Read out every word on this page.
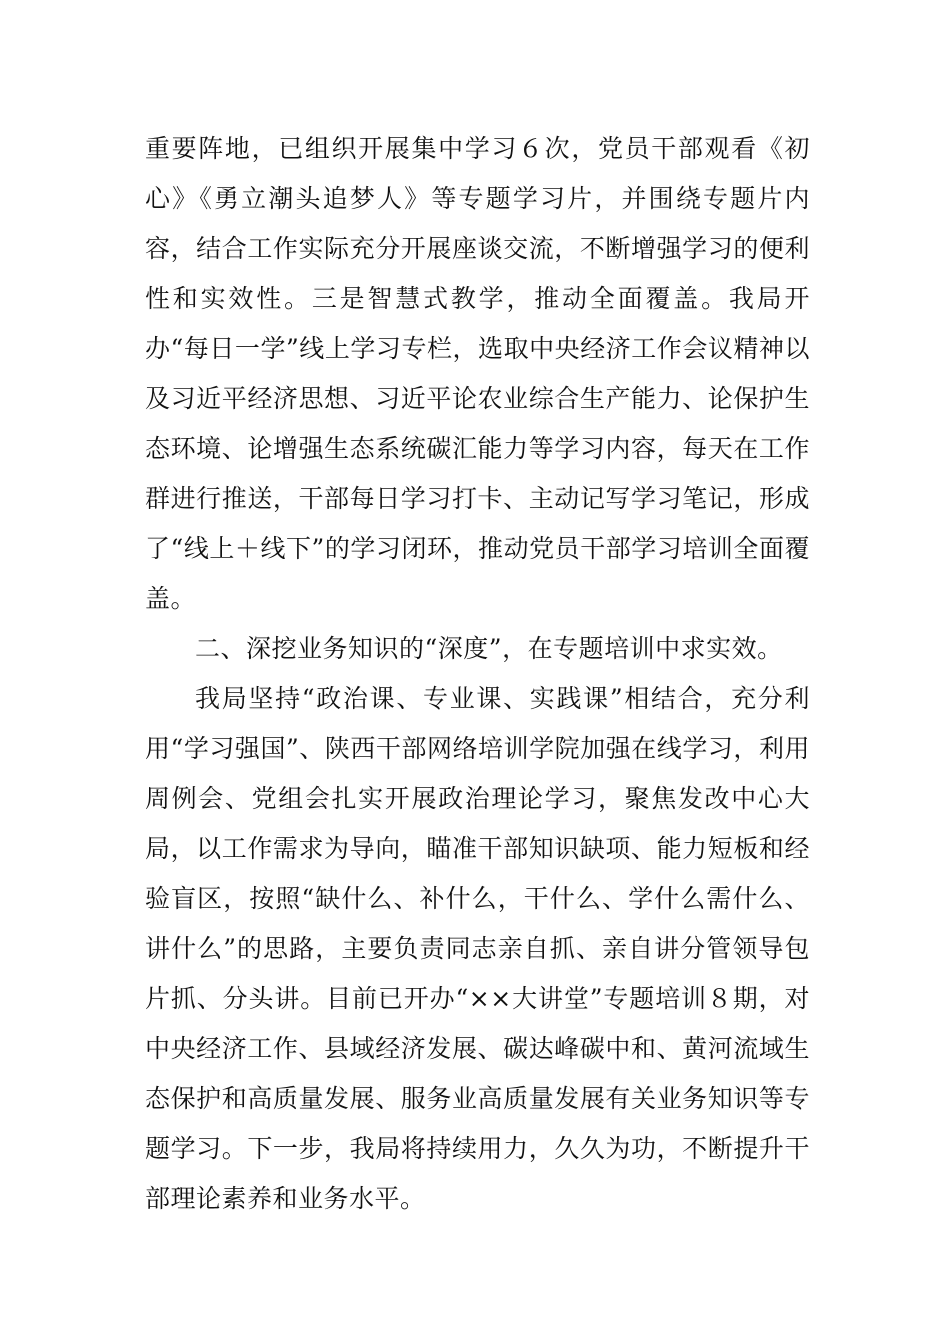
重要阵地，已组织开展集中学习６次，党员干部观看《初心》《勇立潮头追梦人》等专题学习片，并围绕专题片内容，结合工作实际充分开展座谈交流，不断增强学习的便利性和实效性。三是智慧式教学，推动全面覆盖。我局开办“每日一学”线上学习专栏，选取中央经济工作会议精神以及习近平经济思想、习近平论农业综合生产能力、论保护生态环境、论增强生态系统碳汇能力等学习内容，每天在工作群进行推送，干部每日学习打卡、主动记写学习笔记，形成了“线上＋线下”的学习闭环，推动党员干部学习培训全面覆盖。

二、深挖业务知识的“深度”，在专题培训中求实效。

我局坚持“政治课、专业课、实践课”相结合，充分利用“学习强国”、陕西干部网络培训学院加强在线学习，利用周例会、党组会扎实开展政治理论学习，聚焦发改中心大局，以工作需求为导向，瞄准干部知识缺项、能力短板和经验盲区，按照“缺什么、补什么，干什么、学什么需什么、讲什么”的思路，主要负责同志亲自抓、亲自讲分管领导包片抓、分头讲。目前已开办“××大讲堂”专题培训８期，对中央经济工作、县域经济发展、碳达峰碳中和、黄河流域生态保护和高质量发展、服务业高质量发展有关业务知识等专题学习。下一步，我局将持续用力，久久为功，不断提升干部理论素养和业务水平。
